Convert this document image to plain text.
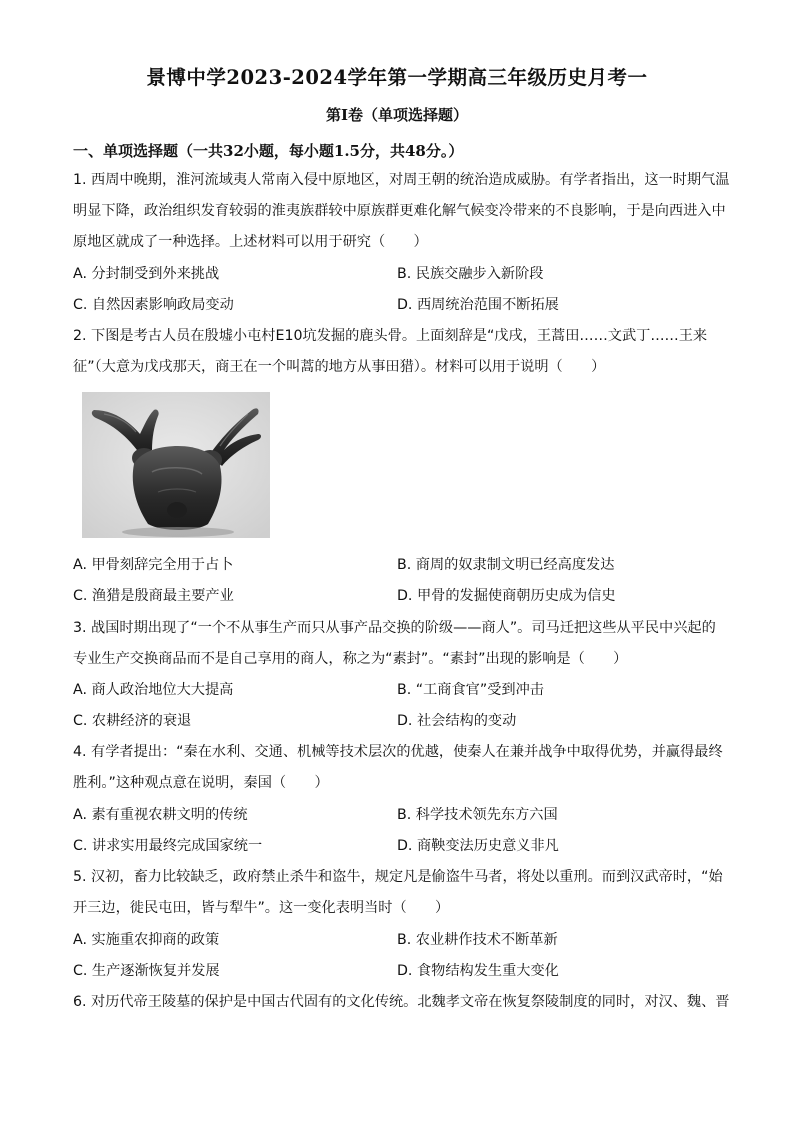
景博中学2023-2024学年第一学期高三年级历史月考一
第Ⅰ卷（单项选择题）
一、单项选择题（一共32小题，每小题1.5分，共48分。）
1. 西周中晚期，淮河流域夷人常南入侵中原地区，对周王朝的统治造成威胁。有学者指出，这一时期气温
明显下降，政治组织发育较弱的淮夷族群较中原族群更难化解气候变冷带来的不良影响，于是向西进入中
原地区就成了一种选择。上述材料可以用于研究（　　）
A. 分封制受到外来挑战	B. 民族交融步入新阶段
C. 自然因素影响政局变动	D. 西周统治范围不断拓展
2. 下图是考古人员在殷墟小屯村E10坑发掘的鹿头骨。上面刻辞是“戊戌，王蒿田……文武丁……王来
征”（大意为戊戌那天，商王在一个叫蒿的地方从事田猎）。材料可以用于说明（　　）
A. 甲骨刻辞完全用于占卜	B. 商周的奴隶制文明已经高度发达
C. 渔猎是殷商最主要产业	D. 甲骨的发掘使商朝历史成为信史
3. 战国时期出现了“一个不从事生产而只从事产品交换的阶级——商人”。司马迁把这些从平民中兴起的
专业生产交换商品而不是自己享用的商人，称之为“素封”。“素封”出现的影响是（　　）
A. 商人政治地位大大提高	B. “工商食官”受到冲击
C. 农耕经济的衰退	D. 社会结构的变动
4. 有学者提出：“秦在水利、交通、机械等技术层次的优越，使秦人在兼并战争中取得优势，并赢得最终
胜利。”这种观点意在说明，秦国（　　）
A. 素有重视农耕文明的传统	B. 科学技术领先东方六国
C. 讲求实用最终完成国家统一	D. 商鞅变法历史意义非凡
5. 汉初，畜力比较缺乏，政府禁止杀牛和盗牛，规定凡是偷盗牛马者，将处以重刑。而到汉武帝时，“始
开三边，徙民屯田，皆与犁牛”。这一变化表明当时（　　）
A. 实施重农抑商的政策	B. 农业耕作技术不断革新
C. 生产逐渐恢复并发展	D. 食物结构发生重大变化
6. 对历代帝王陵墓的保护是中国古代固有的文化传统。北魏孝文帝在恢复祭陵制度的同时，对汉、魏、晋
